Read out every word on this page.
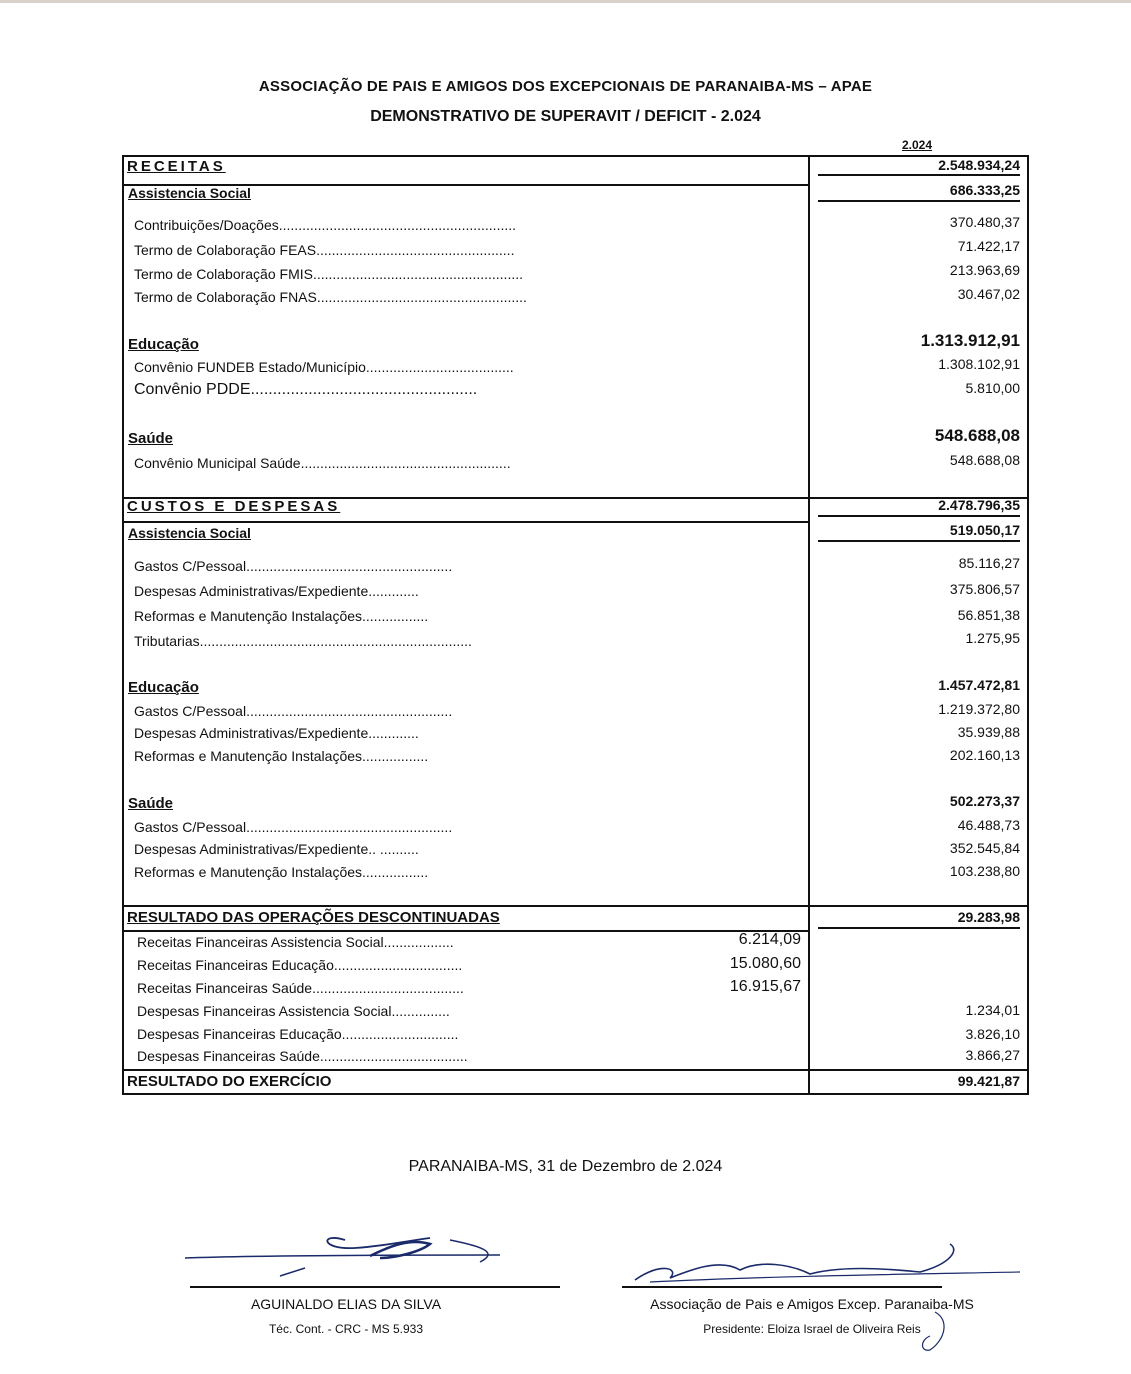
ASSOCIAÇÃO DE PAIS E AMIGOS DOS EXCEPCIONAIS DE PARANAIBA-MS – APAE
DEMONSTRATIVO DE SUPERAVIT / DEFICIT - 2.024
2.024
RECEITAS	2.548.934,24
Assistencia Social	686.333,25
Contribuições/Doações.............................................................	370.480,37
Termo de Colaboração FEAS...................................................	71.422,17
Termo de Colaboração FMIS......................................................	213.963,69
Termo de Colaboração FNAS......................................................	30.467,02
Educação	1.313.912,91
Convênio FUNDEB Estado/Município......................................	1.308.102,91
Convênio PDDE...................................................	5.810,00
Saúde	548.688,08
Convênio Municipal Saúde......................................................	548.688,08
CUSTOS E DESPESAS	2.478.796,35
Assistencia Social	519.050,17
Gastos C/Pessoal.....................................................	85.116,27
Despesas Administrativas/Expediente.............	375.806,57
Reformas e Manutenção Instalações.................	56.851,38
Tributarias......................................................................	1.275,95
Educação	1.457.472,81
Gastos C/Pessoal.....................................................	1.219.372,80
Despesas Administrativas/Expediente.............	35.939,88
Reformas e Manutenção Instalações.................	202.160,13
Saúde	502.273,37
Gastos C/Pessoal.....................................................	46.488,73
Despesas Administrativas/Expediente.. ..........	352.545,84
Reformas e Manutenção Instalações.................	103.238,80
RESULTADO DAS OPERAÇÕES DESCONTINUADAS	29.283,98
Receitas Financeiras Assistencia Social..................	6.214,09
Receitas Financeiras Educação.................................	15.080,60
Receitas Financeiras Saúde.......................................	16.915,67
Despesas Financeiras Assistencia Social...............	1.234,01
Despesas Financeiras Educação..............................	3.826,10
Despesas Financeiras Saúde......................................	3.866,27
RESULTADO DO EXERCÍCIO	99.421,87
PARANAIBA-MS, 31 de Dezembro de 2.024
AGUINALDO ELIAS DA SILVA
Téc. Cont. - CRC - MS 5.933
Associação de Pais e Amigos Excep. Paranaiba-MS
Presidente: Eloiza Israel de Oliveira Reis
